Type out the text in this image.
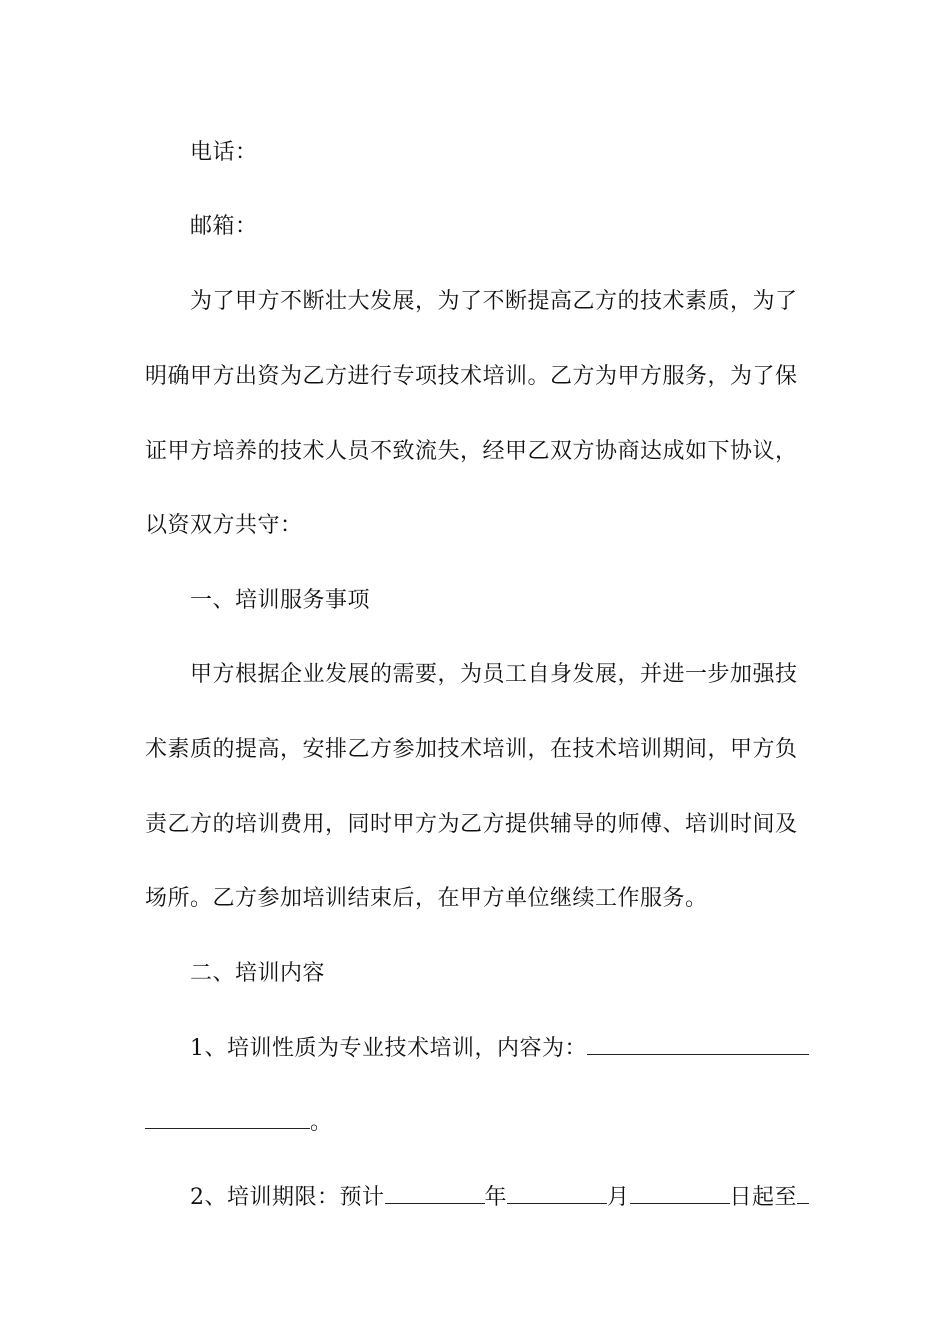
电话：
邮箱：
为了甲方不断壮大发展，为了不断提高乙方的技术素质，为了
明确甲方出资为乙方进行专项技术培训。乙方为甲方服务，为了保
证甲方培养的技术人员不致流失，经甲乙双方协商达成如下协议，
以资双方共守：
一、培训服务事项
甲方根据企业发展的需要，为员工自身发展，并进一步加强技
术素质的提高，安排乙方参加技术培训，在技术培训期间，甲方负
责乙方的培训费用，同时甲方为乙方提供辅导的师傅、培训时间及
场所。乙方参加培训结束后，在甲方单位继续工作服务。
二、培训内容
1、培训性质为专业技术培训，内容为：
。
2、培训期限：预计	年	月	日起至
